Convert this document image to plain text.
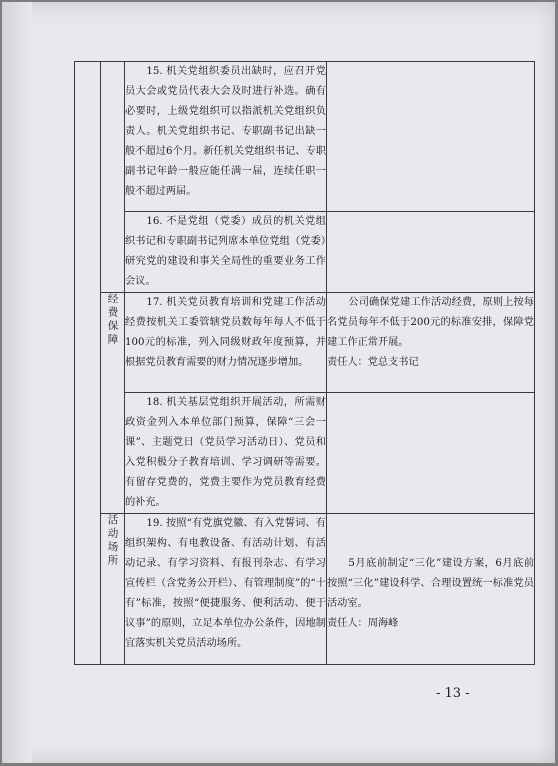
		15. 机关党组织委员出缺时，应召开党员大会或党员代表大会及时进行补选。确有必要时，上级党组织可以指派机关党组织负责人。机关党组织书记、专职副书记出缺一般不超过6个月。新任机关党组织书记、专职副书记年龄一般应能任满一届，连续任职一般不超过两届。	

		16. 不是党组（党委）成员的机关党组织书记和专职副书记列席本单位党组（党委）研究党的建设和事关全局性的重要业务工作会议。	

	经费保障	17. 机关党员教育培训和党建工作活动经费按机关工委管辖党员数每年每人不低于100元的标准，列入同级财政年度预算，并根据党员教育需要的财力情况逐步增加。	公司确保党建工作活动经费，原则上按每名党员每年不低于200元的标准安排，保障党建工作正常开展。
责任人：党总支书记

		18. 机关基层党组织开展活动，所需财政资金列入本单位部门预算，保障“三会一课”、主题党日（党员学习活动日）、党员和入党积极分子教育培训、学习调研等需要。有留存党费的，党费主要作为党员教育经费的补充。	

	活动场所	19. 按照“有党旗党徽、有入党誓词、有组织架构、有电教设备、有活动计划、有活动记录、有学习资料、有报刊杂志、有学习宣传栏（含党务公开栏）、有管理制度”的“十有”标准，按照“便捷服务、便利活动、便于议事”的原则，立足本单位办公条件，因地制宜落实机关党员活动场所。	5月底前制定“三化”建设方案，6月底前按照“三化”建设科学、合理设置统一标准党员活动室。
责任人：周海峰
- 13 -
